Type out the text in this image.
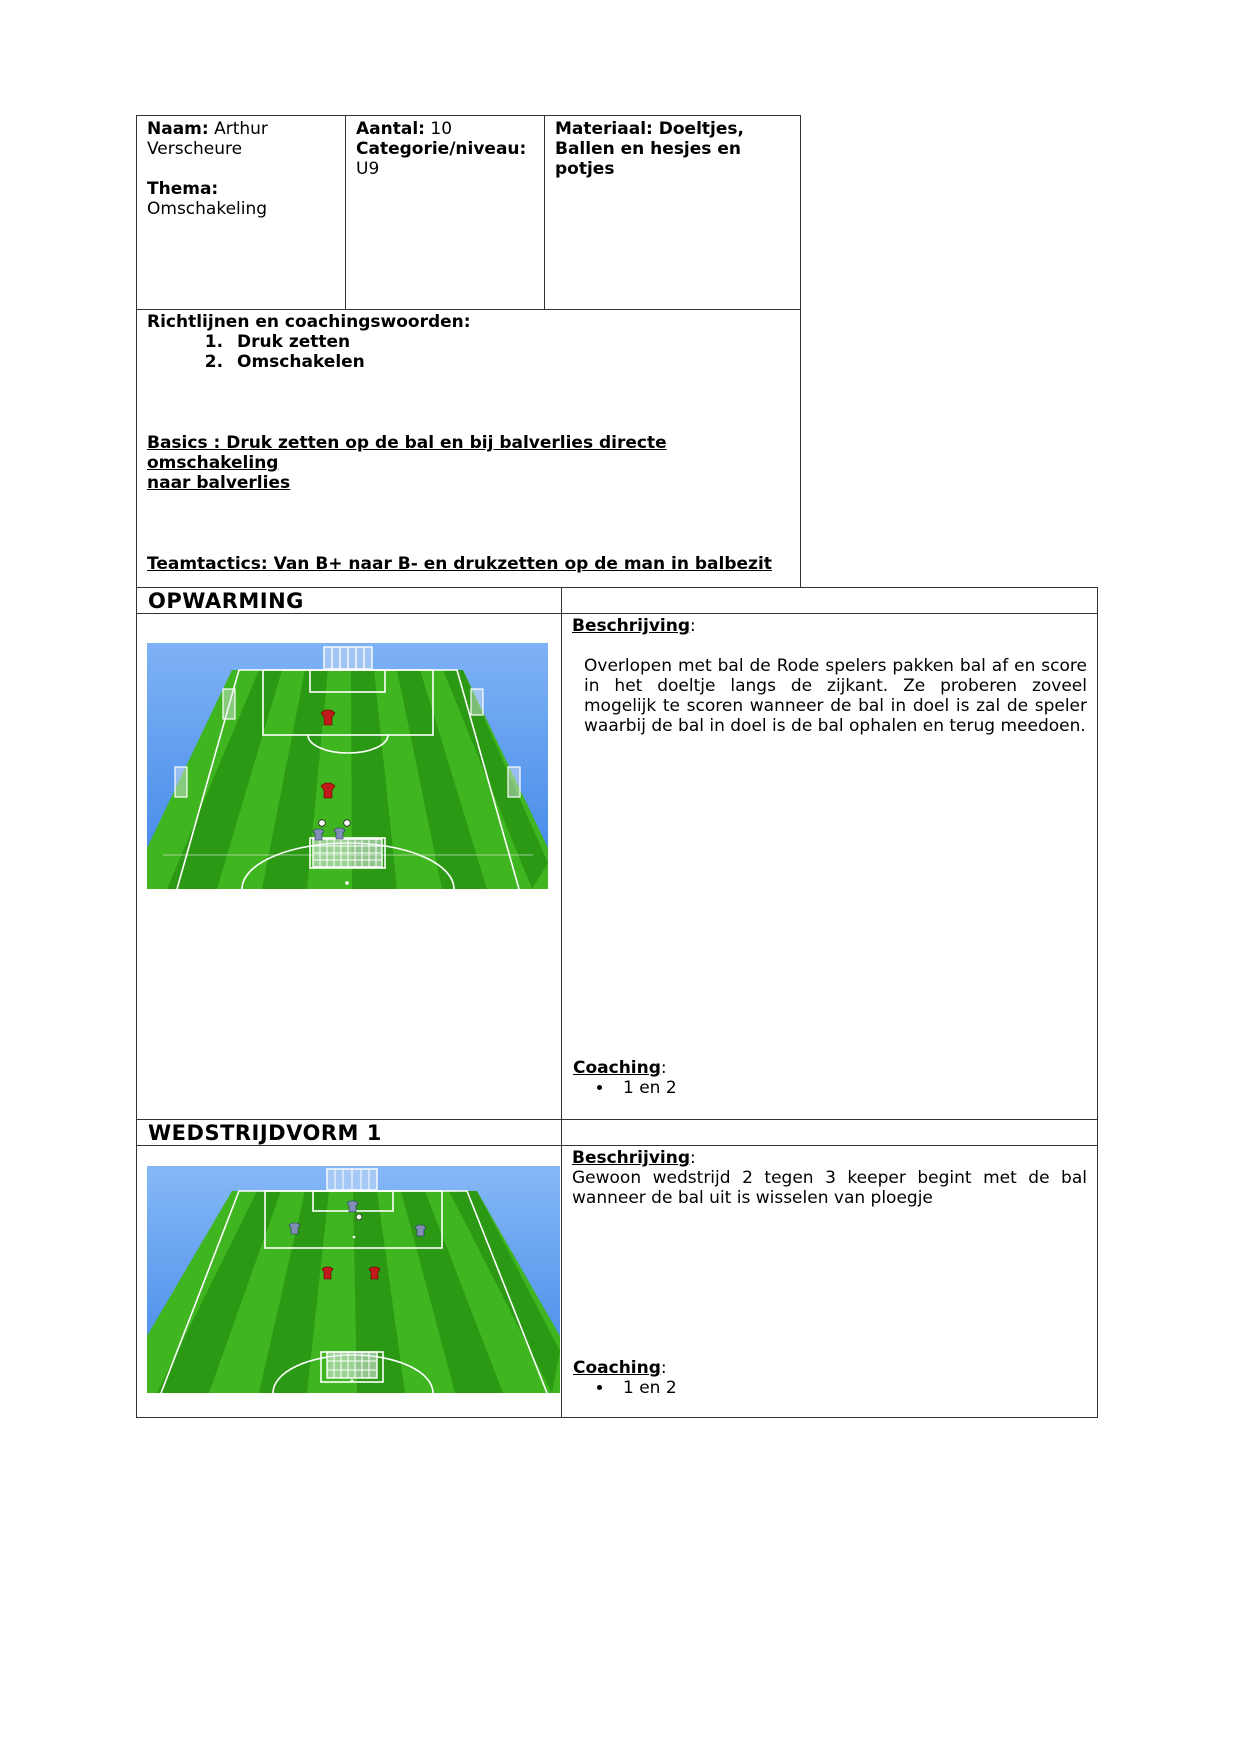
Naam: Arthur
Verscheure
Thema:
Omschakeling
Aantal: 10
Categorie/niveau:
U9
Materiaal: Doeltjes,
Ballen en hesjes en
potjes
Richtlijnen en coachingswoorden:
1. Druk zetten
2. Omschakelen
Basics : Druk zetten op de bal en bij balverlies directe omschakeling
naar balverlies
Teamtactics: Van B+ naar B- en drukzetten op de man in balbezit
OPWARMING
Beschrijving:
Overlopen met bal de Rode spelers pakken bal af en score in het doeltje langs de zijkant. Ze proberen zoveel mogelijk te scoren wanneer de bal in doel is zal de speler waarbij de bal in doel is de bal ophalen en terug meedoen.
Coaching:
• 1 en 2
WEDSTRIJDVORM 1
Beschrijving:
Gewoon wedstrijd 2 tegen 3 keeper begint met de bal wanneer de bal uit is wisselen van ploegje
Coaching:
• 1 en 2
